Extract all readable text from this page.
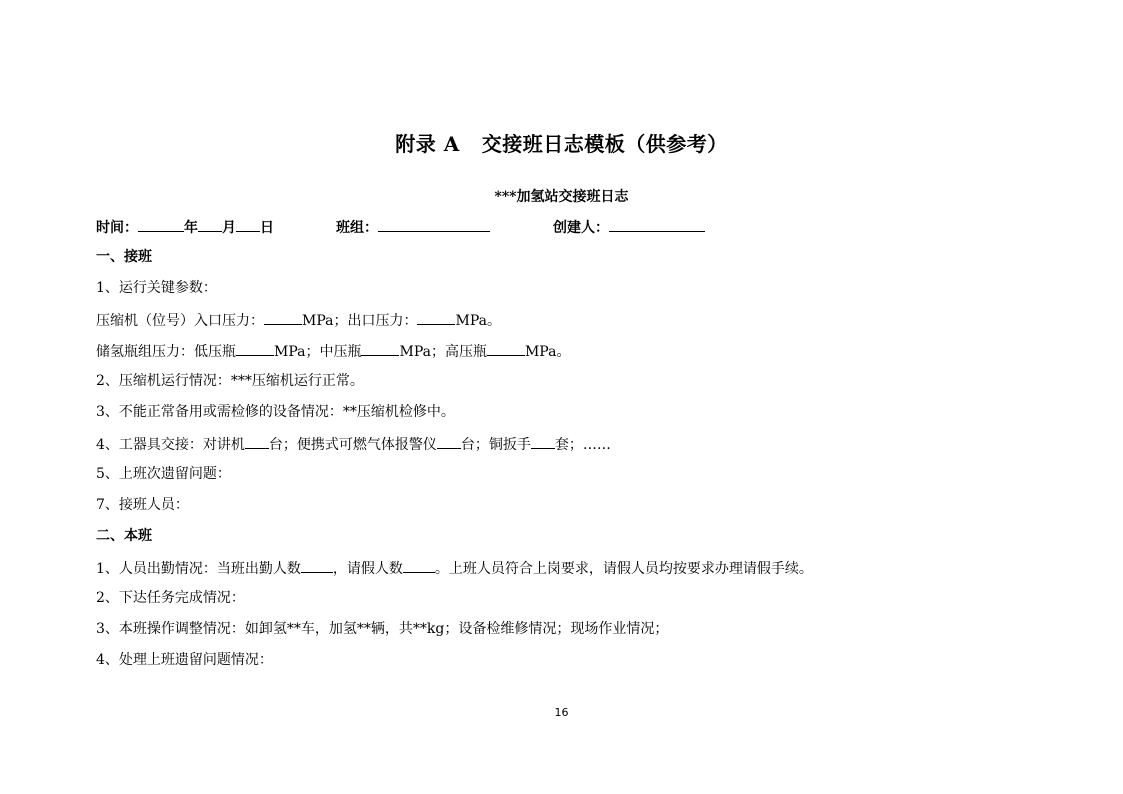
附录 A 交接班日志模板（供参考）
***加氢站交接班日志
时间：	年 月 日	班组：	创建人：
一、接班
1、运行关键参数：
压缩机（位号）入口压力：	MPa；出口压力：	MPa。
储氢瓶组压力：低压瓶	MPa；中压瓶	MPa；高压瓶	MPa。
2、压缩机运行情况：***压缩机运行正常。
3、不能正常备用或需检修的设备情况：**压缩机检修中。
4、工器具交接：对讲机 台；便携式可燃气体报警仪 台；铜扳手 套；……
5、上班次遗留问题：
7、接班人员：
二、本班
1、人员出勤情况：当班出勤人数 ，请假人数 。上班人员符合上岗要求，请假人员均按要求办理请假手续。
2、下达任务完成情况：
3、本班操作调整情况：如卸氢**车，加氢**辆，共**kg；设备检维修情况；现场作业情况；
4、处理上班遗留问题情况：
16
